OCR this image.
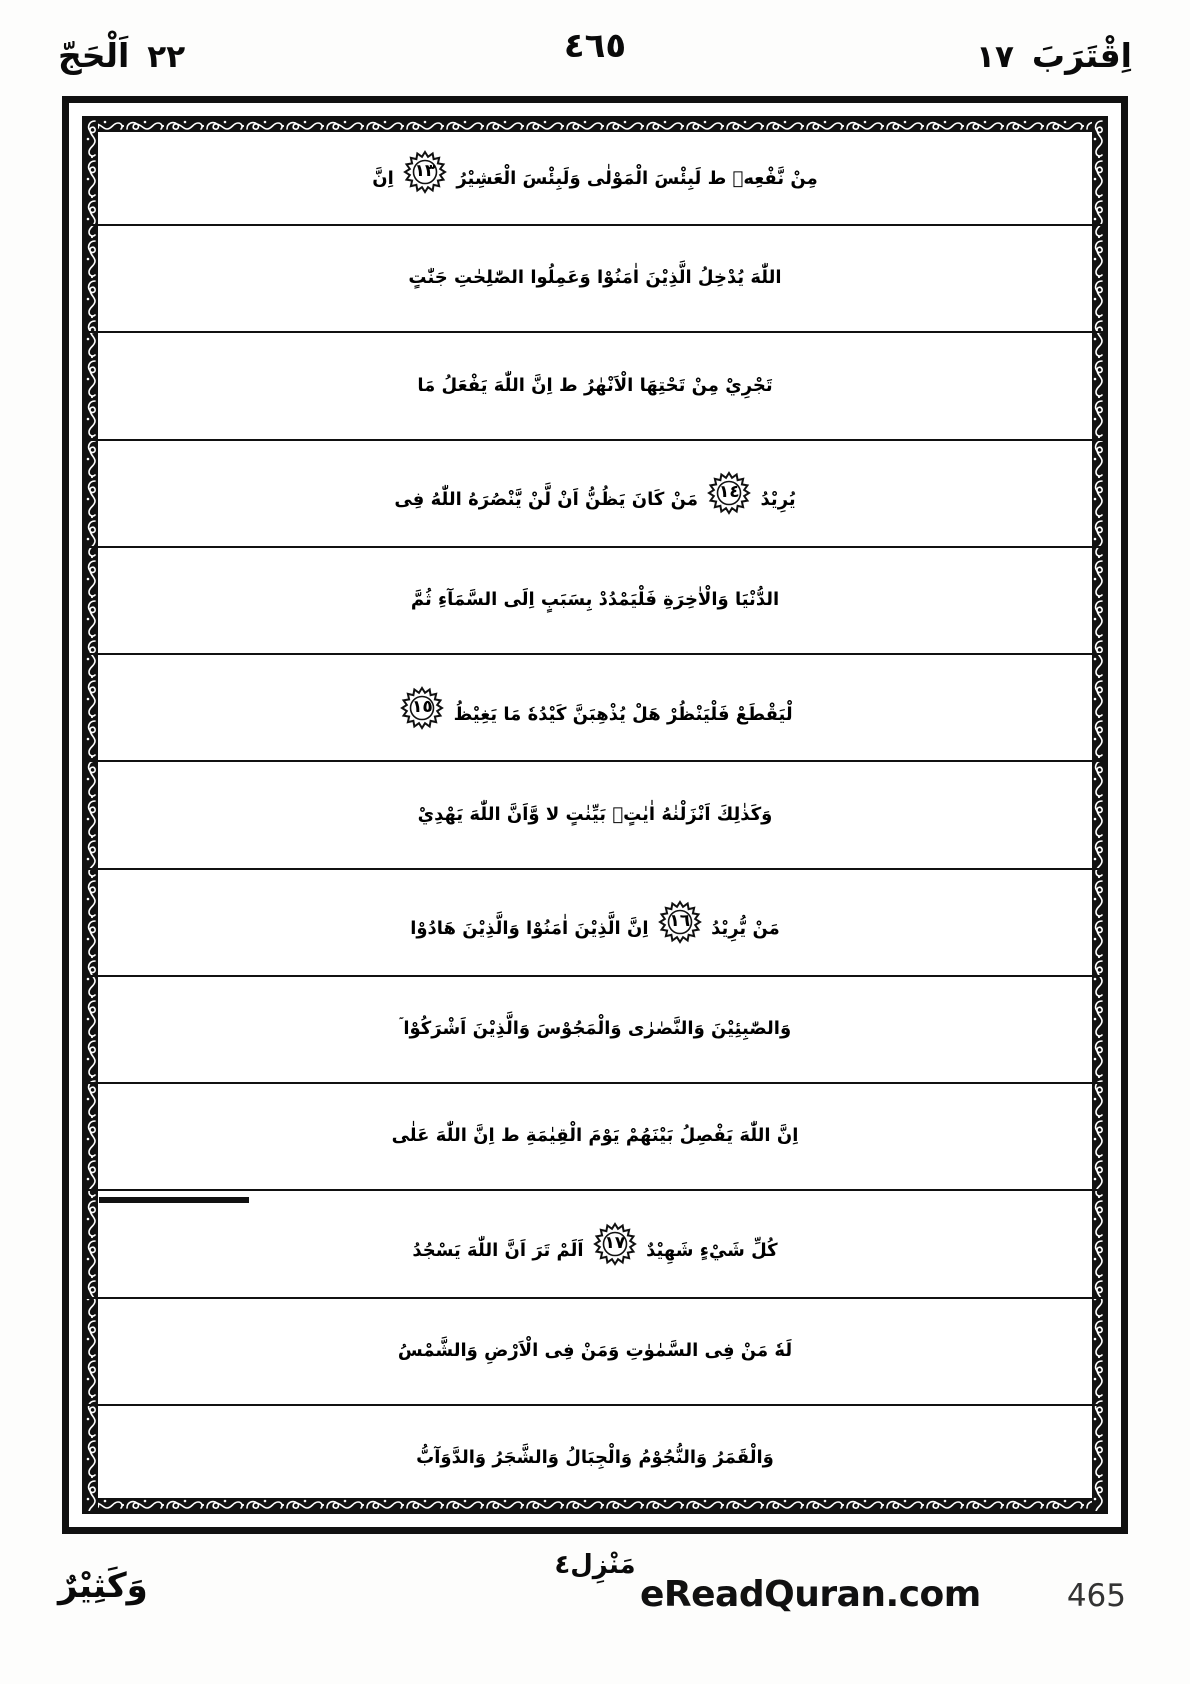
٢٢
اَلْحَجّ	اِقْتَرَبَ
١٧
٤٦٥
مِنْ نَّفْعِهٖ ط لَبِئْسَ الْمَوْلٰى وَلَبِئْسَ الْعَشِيْرُ
١٣
اِنَّ
اللّٰهَ يُدْخِلُ الَّذِيْنَ اٰمَنُوْا وَعَمِلُوا الصّٰلِحٰتِ جَنّٰتٍ
تَجْرِيْ مِنْ تَحْتِهَا الْاَنْهٰرُ ط اِنَّ اللّٰهَ يَفْعَلُ مَا
يُرِيْدُ
١٤
مَنْ كَانَ يَظُنُّ اَنْ لَّنْ يَّنْصُرَهُ اللّٰهُ فِى
الدُّنْيَا وَالْاٰخِرَةِ فَلْيَمْدُدْ بِسَبَبٍ اِلَى السَّمَآءِ ثُمَّ
لْيَقْطَعْ فَلْيَنْظُرْ هَلْ يُذْهِبَنَّ كَيْدُهٗ مَا يَغِيْظُ
١٥
وَكَذٰلِكَ اَنْزَلْنٰهُ اٰيٰتٍۭ بَيِّنٰتٍ لا وَّاَنَّ اللّٰهَ يَهْدِيْ
مَنْ يُّرِيْدُ
١٦
اِنَّ الَّذِيْنَ اٰمَنُوْا وَالَّذِيْنَ هَادُوْا
وَالصّٰبِئِيْنَ وَالنَّصٰرٰى وَالْمَجُوْسَ وَالَّذِيْنَ اَشْرَكُوْا ۤ
اِنَّ اللّٰهَ يَفْصِلُ بَيْنَهُمْ يَوْمَ الْقِيٰمَةِ ط اِنَّ اللّٰهَ عَلٰى
كُلِّ شَيْءٍ شَهِيْدٌ
١٧
اَلَمْ تَرَ اَنَّ اللّٰهَ يَسْجُدُ
لَهٗ مَنْ فِى السَّمٰوٰتِ وَمَنْ فِى الْاَرْضِ وَالشَّمْسُ
وَالْقَمَرُ وَالنُّجُوْمُ وَالْجِبَالُ وَالشَّجَرُ وَالدَّوَآبُّ
وَكَثِيْرٌ
مَنْزِل٤
eReadQuran.com	465
